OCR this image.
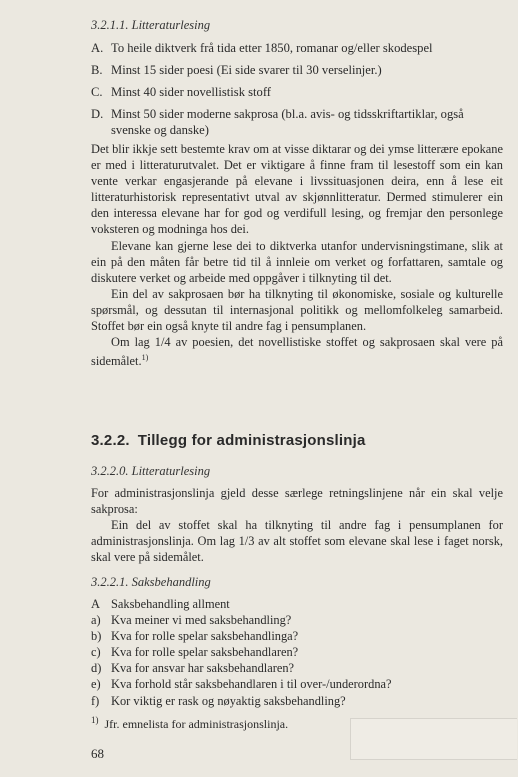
3.2.1.1. Litteraturlesing
A. To heile diktverk frå tida etter 1850, romanar og/eller skodespel
B. Minst 15 sider poesi (Ei side svarer til 30 verselinjer.)
C. Minst 40 sider novellistisk stoff
D. Minst 50 sider moderne sakprosa (bl.a. avis- og tidsskriftartiklar, også svenske og danske)

Det blir ikkje sett bestemte krav om at visse diktarar og dei ymse litterære epokane er med i litteraturutvalet. Det er viktigare å finne fram til lesestoff som ein kan vente verkar engasjerande på elevane i livssituasjonen deira, enn å lese eit litteraturhistorisk representativt utval av skjønnlitteratur. Dermed stimulerer ein den interessa elevane har for god og verdifull lesing, og fremjar den personlege voksteren og modninga hos dei.

Elevane kan gjerne lese dei to diktverka utanfor undervisningstimane, slik at ein på den måten får betre tid til å innleie om verket og forfattaren, samtale og diskutere verket og arbeide med oppgåver i tilknyting til det.

Ein del av sakprosaen bør ha tilknyting til økonomiske, sosiale og kulturelle spørsmål, og dessutan til internasjonal politikk og mellomfolkeleg samarbeid. Stoffet bør ein også knyte til andre fag i pensumplanen.

Om lag 1/4 av poesien, det novellistiske stoffet og sakprosaen skal vere på sidemålet.$^{1)}$

3.2.2. Tillegg for administrasjonslinja
3.2.2.0. Litteraturlesing

For administrasjonslinja gjeld desse særlege retningslinjene når ein skal velje sakprosa:

Ein del av stoffet skal ha tilknyting til andre fag i pensumplanen for administrasjonslinja. Om lag 1/3 av alt stoffet som elevane skal lese i faget norsk, skal vere på sidemålet.

3.2.2.1. Saksbehandling
A Saksbehandling allment
a) Kva meiner vi med saksbehandling?
b) Kva for rolle spelar saksbehandlinga?
c) Kva for rolle spelar saksbehandlaren?
d) Kva for ansvar har saksbehandlaren?
e) Kva forhold står saksbehandlaren i til over-/underordna?
f) Kor viktig er rask og nøyaktig saksbehandling?
$^{1)}$ Jfr. emnelista for administrasjonslinja.
68
